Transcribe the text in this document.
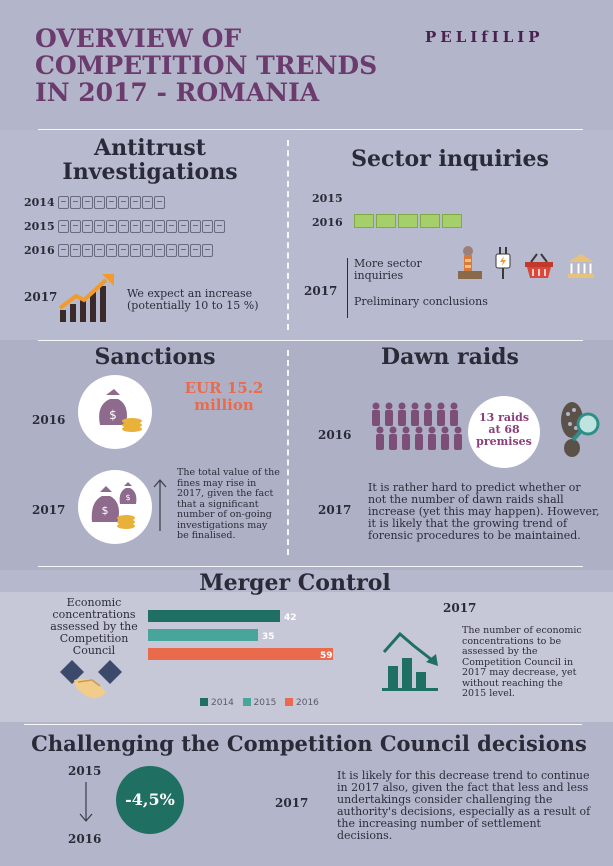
OVERVIEW OF
COMPETITION TRENDS
IN 2017 - ROMANIA
PELIfILIP
Antitrust Investigations
2014
2015
2016
2017	We expect an increase (potentially 10 to 15 %)
Sector inquiries
2015
2016
2017
More sector inquiries
Preliminary conclusions
Sanctions
2016	$
EUR 15.2 million
2017	$
$
The total value of the fines may rise in 2017, given the fact that a significant number of on-going investigations may be finalised.
Dawn raids
2016
13 raids at 68 premises
2017
It is rather hard to predict whether or not the number of dawn raids shall increase (yet this may happen). However, it is likely that the growing trend of forensic procedures to be maintained.
Merger Control
Economic concentrations assessed by the Competition Council
42
35
59
2014 2015 2016
2017
The number of economic concentrations to be assessed by the Competition Council in 2017 may decrease, yet without reaching the 2015 level.
Challenging the Competition Council decisions
2015
2016
-4,5%	2017
It is likely for this decrease trend to continue in 2017 also, given the fact that less and less undertakings consider challenging the authority's decisions, especially as a result of the increasing number of settlement decisions.
